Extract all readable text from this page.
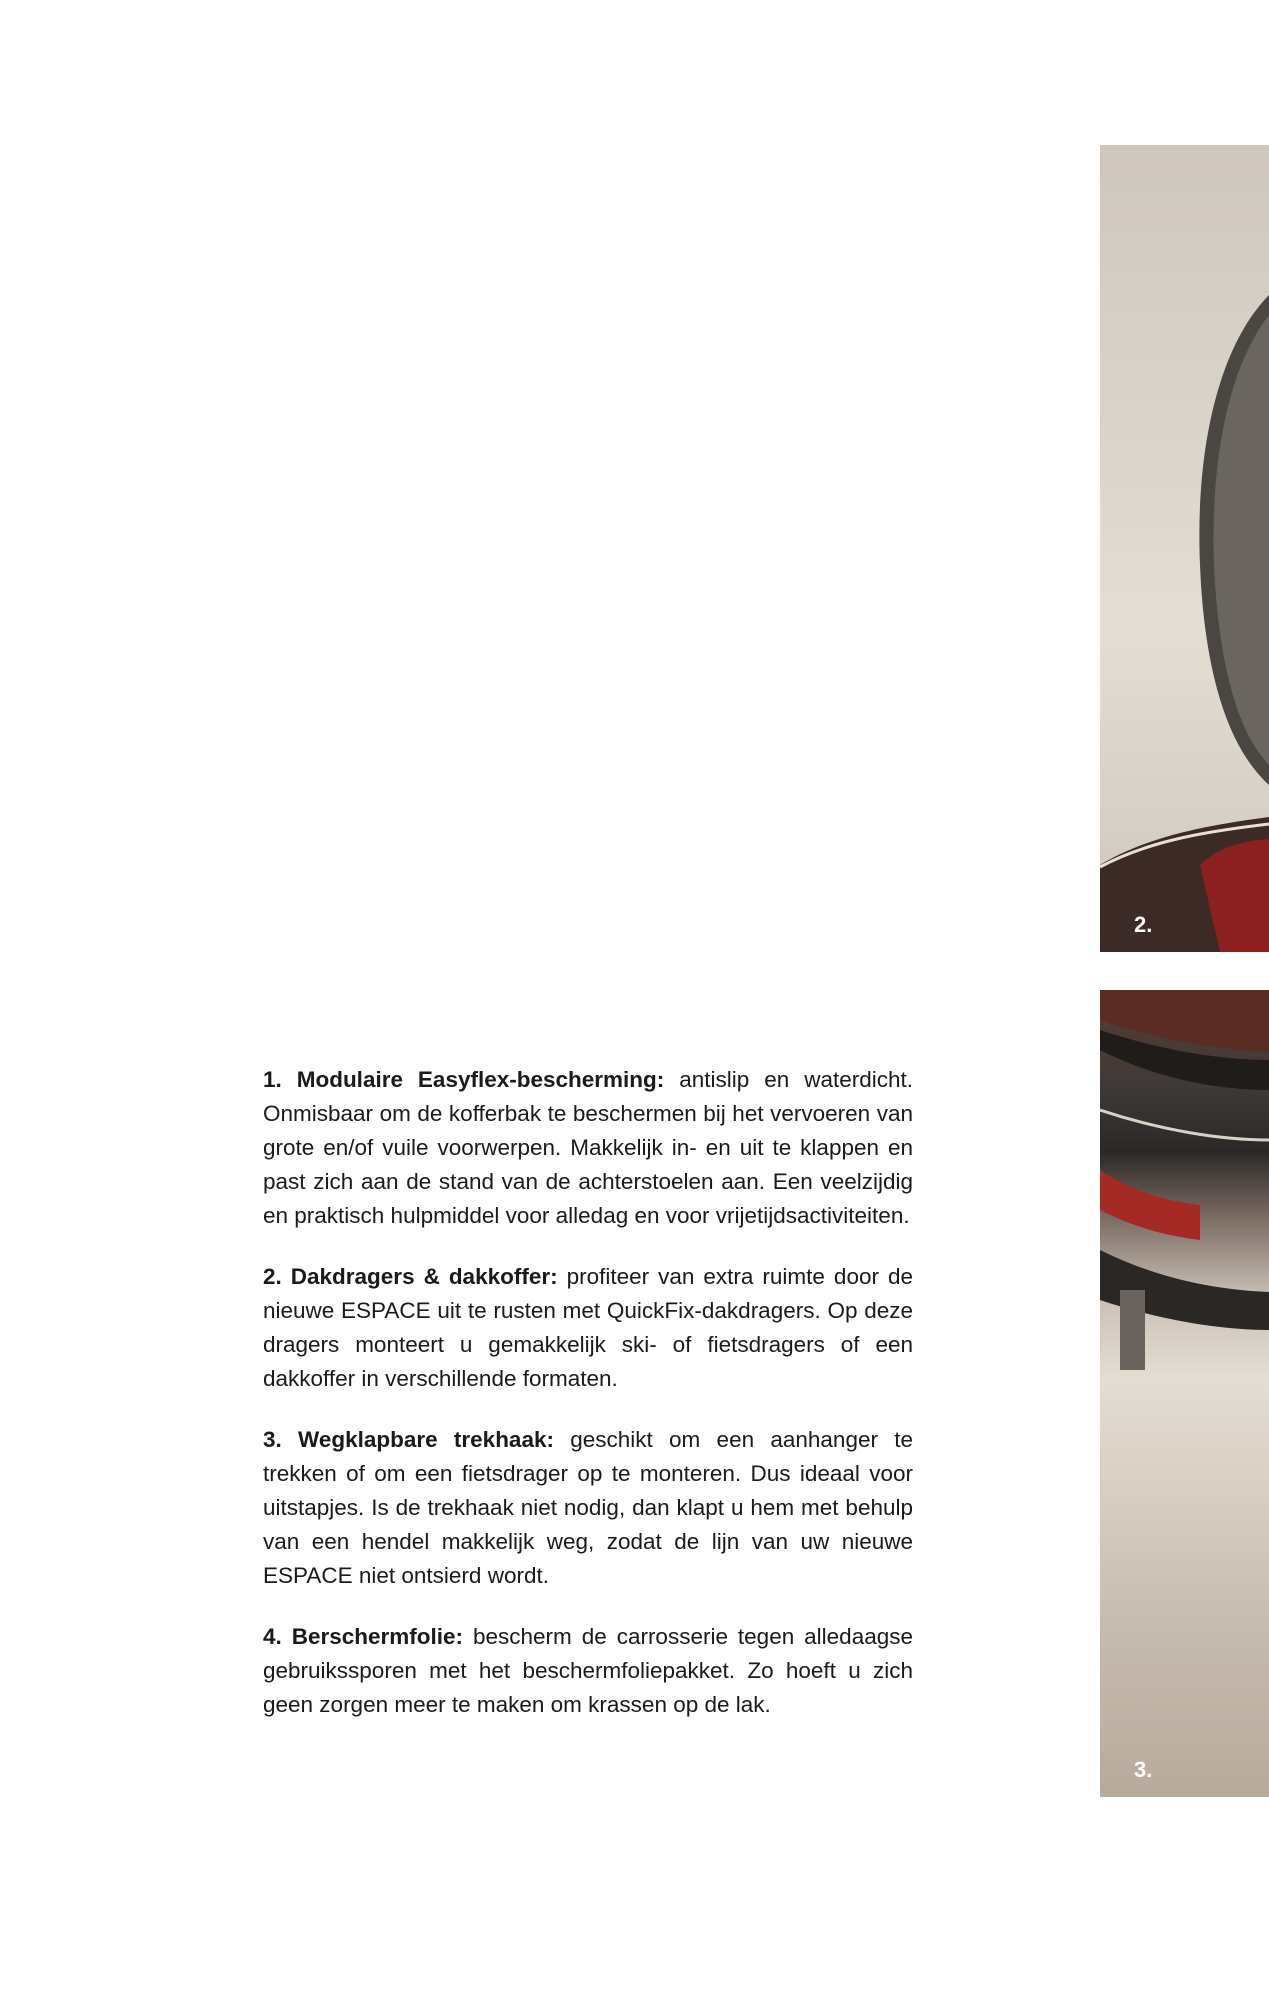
2.
3.

1. Modulaire Easyflex-bescherming: antislip en waterdicht. Onmisbaar om de kofferbak te beschermen bij het vervoeren van grote en/of vuile voorwerpen. Makkelijk in- en uit te klappen en past zich aan de stand van de achterstoelen aan. Een veelzijdig en praktisch hulpmiddel voor alledag en voor vrijetijdsactiviteiten.

2. Dakdragers & dakkoffer: profiteer van extra ruimte door de nieuwe ESPACE uit te rusten met QuickFix-dakdragers. Op deze dragers monteert u gemakkelijk ski- of fietsdragers of een dakkoffer in verschillende formaten.

3. Wegklapbare trekhaak: geschikt om een aanhanger te trekken of om een fietsdrager op te monteren. Dus ideaal voor uitstapjes. Is de trekhaak niet nodig, dan klapt u hem met behulp van een hendel makkelijk weg, zodat de lijn van uw nieuwe ESPACE niet ontsierd wordt.

4. Berschermfolie: bescherm de carrosserie tegen alledaagse gebruikssporen met het beschermfoliepakket. Zo hoeft u zich geen zorgen meer te maken om krassen op de lak.
